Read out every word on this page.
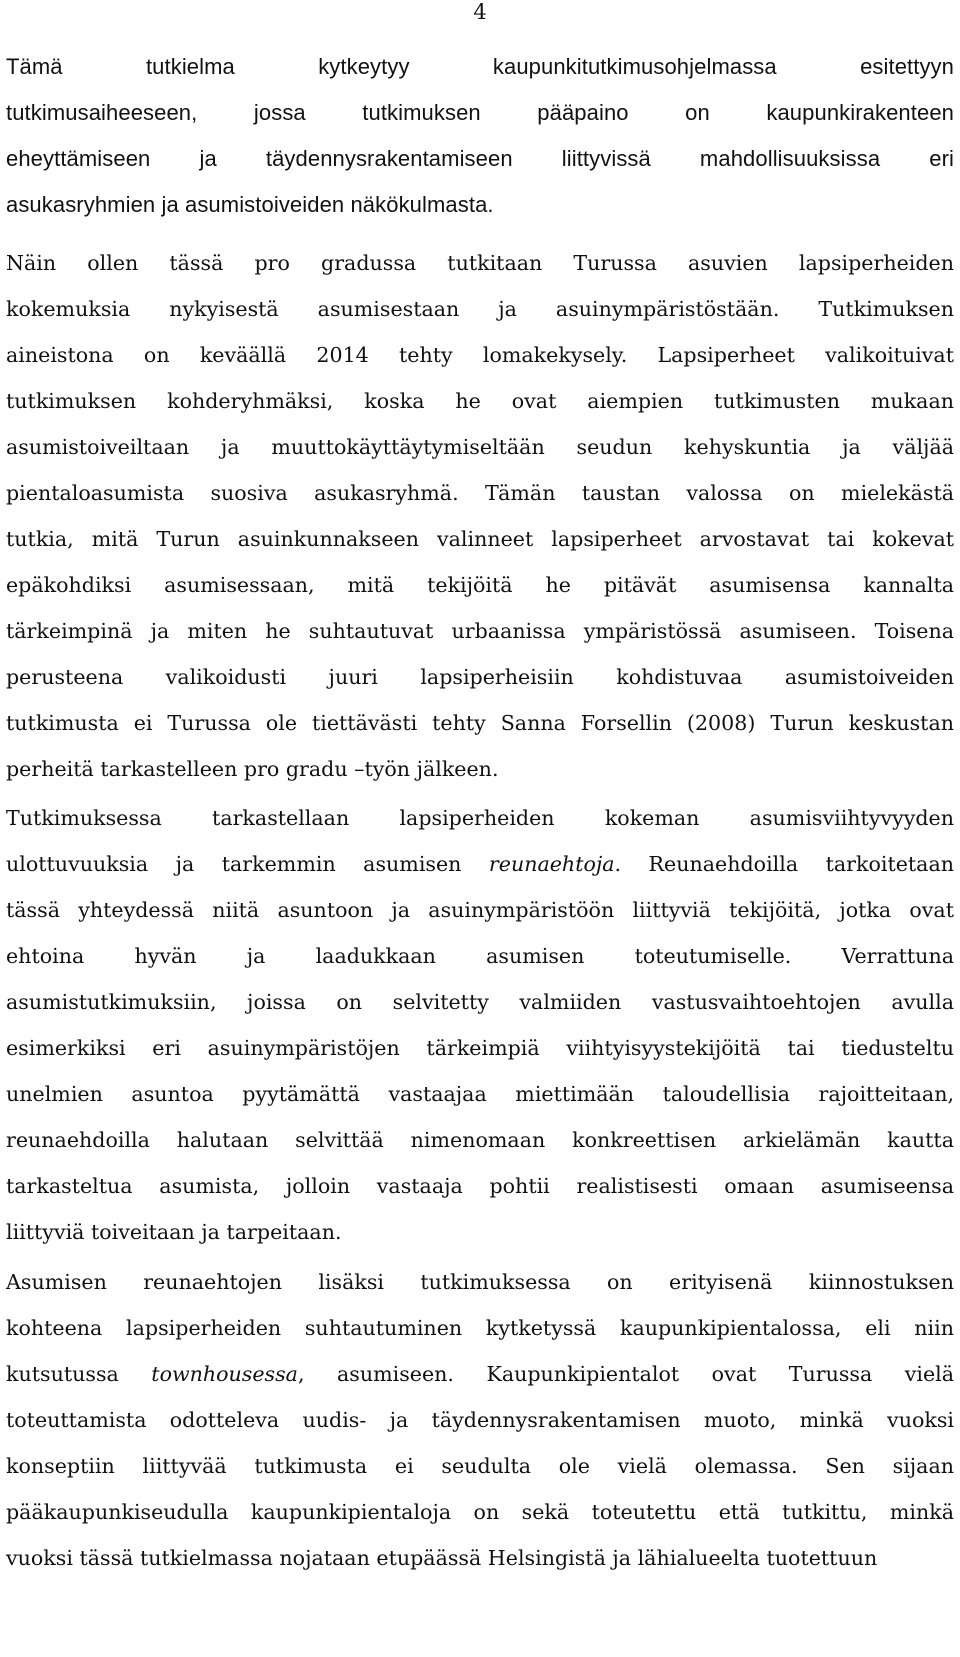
4
Tämä tutkielma kytkeytyy kaupunkitutkimusohjelmassa esitettyyn
tutkimusaiheeseen, jossa tutkimuksen pääpaino on kaupunkirakenteen
eheyttämiseen ja täydennysrakentamiseen liittyvissä mahdollisuuksissa eri
asukasryhmien ja asumistoiveiden näkökulmasta.
Näin ollen tässä pro gradussa tutkitaan Turussa asuvien lapsiperheiden
kokemuksia nykyisestä asumisestaan ja asuinympäristöstään. Tutkimuksen
aineistona on keväällä 2014 tehty lomakekysely. Lapsiperheet valikoituivat
tutkimuksen kohderyhmäksi, koska he ovat aiempien tutkimusten mukaan
asumistoiveiltaan ja muuttokäyttäytymiseltään seudun kehyskuntia ja väljää
pientaloasumista suosiva asukasryhmä. Tämän taustan valossa on mielekästä
tutkia, mitä Turun asuinkunnakseen valinneet lapsiperheet arvostavat tai kokevat
epäkohdiksi asumisessaan, mitä tekijöitä he pitävät asumisensa kannalta
tärkeimpinä ja miten he suhtautuvat urbaanissa ympäristössä asumiseen. Toisena
perusteena valikoidusti juuri lapsiperheisiin kohdistuvaa asumistoiveiden
tutkimusta ei Turussa ole tiettävästi tehty Sanna Forsellin (2008) Turun keskustan
perheitä tarkastelleen pro gradu –työn jälkeen.
Tutkimuksessa tarkastellaan lapsiperheiden kokeman asumisviihtyvyyden
ulottuvuuksia ja tarkemmin asumisen reunaehtoja. Reunaehdoilla tarkoitetaan
tässä yhteydessä niitä asuntoon ja asuinympäristöön liittyviä tekijöitä, jotka ovat
ehtoina hyvän ja laadukkaan asumisen toteutumiselle. Verrattuna
asumistutkimuksiin, joissa on selvitetty valmiiden vastusvaihtoehtojen avulla
esimerkiksi eri asuinympäristöjen tärkeimpiä viihtyisyystekijöitä tai tiedusteltu
unelmien asuntoa pyytämättä vastaajaa miettimään taloudellisia rajoitteitaan,
reunaehdoilla halutaan selvittää nimenomaan konkreettisen arkielämän kautta
tarkasteltua asumista, jolloin vastaaja pohtii realistisesti omaan asumiseensa
liittyviä toiveitaan ja tarpeitaan.
Asumisen reunaehtojen lisäksi tutkimuksessa on erityisenä kiinnostuksen
kohteena lapsiperheiden suhtautuminen kytketyssä kaupunkipientalossa, eli niin
kutsutussa townhousessa, asumiseen. Kaupunkipientalot ovat Turussa vielä
toteuttamista odotteleva uudis- ja täydennysrakentamisen muoto, minkä vuoksi
konseptiin liittyvää tutkimusta ei seudulta ole vielä olemassa. Sen sijaan
pääkaupunkiseudulla kaupunkipientaloja on sekä toteutettu että tutkittu, minkä
vuoksi tässä tutkielmassa nojataan etupäässä Helsingistä ja lähialueelta tuotettuun
